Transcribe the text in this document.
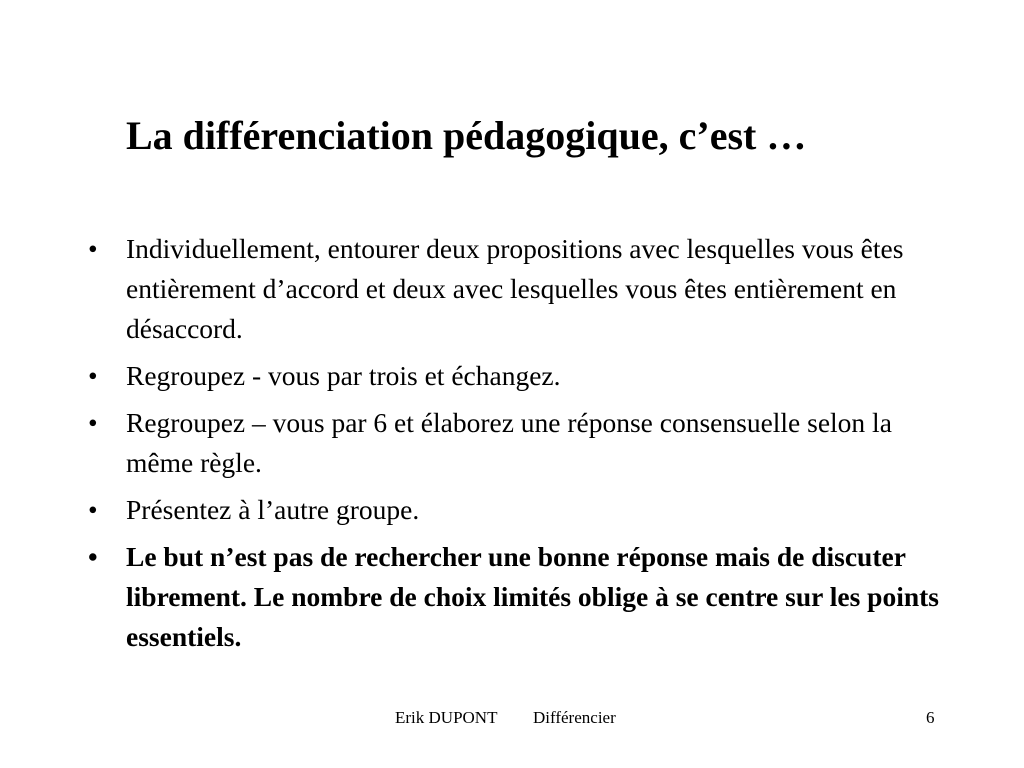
La différenciation pédagogique, c’est …
•	Individuellement, entourer deux propositions avec lesquelles vous êtes entièrement d’accord et deux avec lesquelles vous êtes entièrement en désaccord.
•	Regroupez - vous par trois et échangez.
•	Regroupez – vous par 6 et élaborez une réponse consensuelle selon la même règle.
•	Présentez à l’autre groupe.
•	Le but n’est pas de rechercher une bonne réponse mais de discuter librement. Le nombre de choix limités oblige à se centre sur les points essentiels.
Erik DUPONT Différencier	6
